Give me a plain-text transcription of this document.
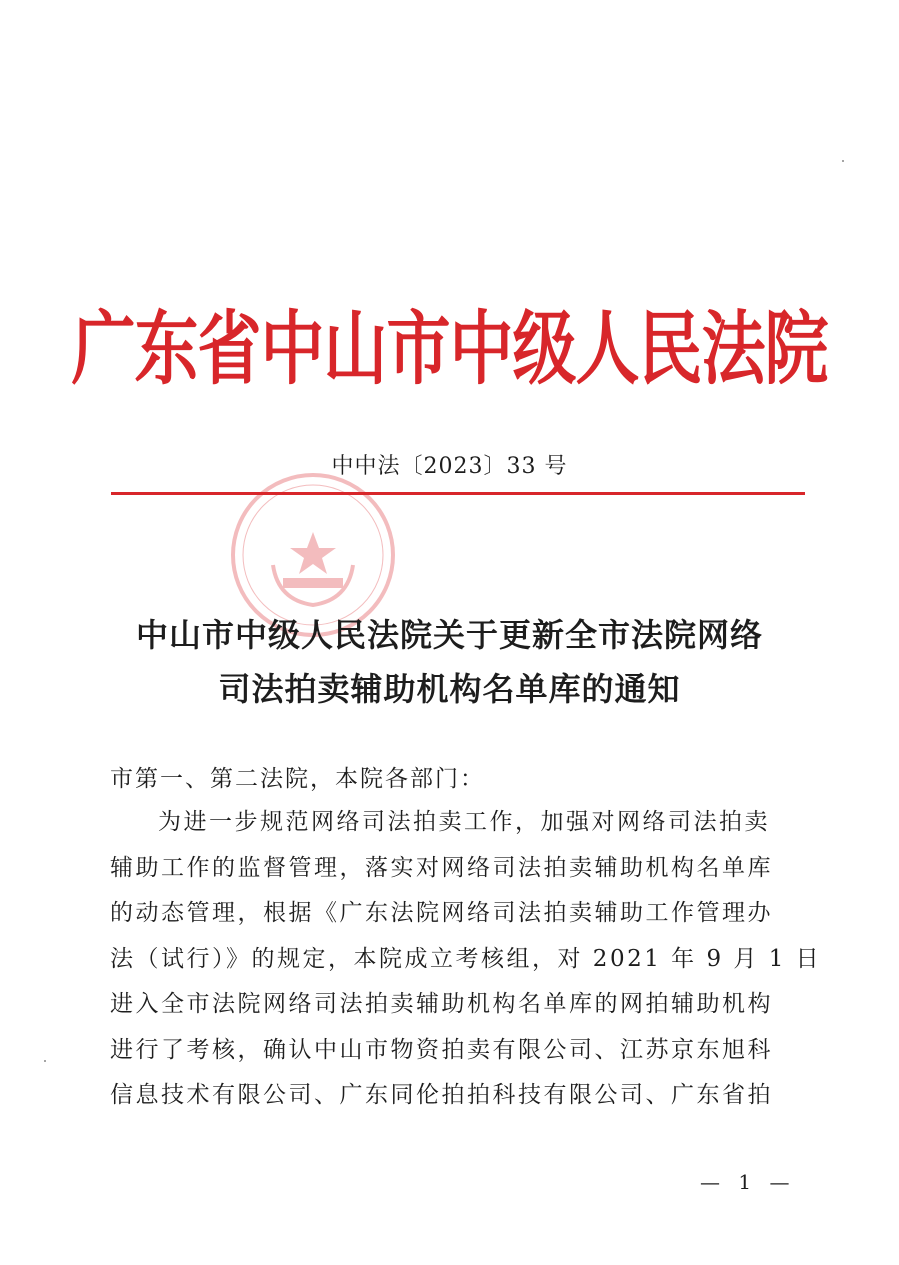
广东省中山市中级人民法院
中中法〔2023〕33 号
中山市中级人民法院关于更新全市法院网络
司法拍卖辅助机构名单库的通知
市第一、第二法院，本院各部门：
为进一步规范网络司法拍卖工作，加强对网络司法拍卖
辅助工作的监督管理，落实对网络司法拍卖辅助机构名单库
的动态管理，根据《广东法院网络司法拍卖辅助工作管理办
法（试行）》的规定，本院成立考核组，对 2021 年 9 月 1 日
进入全市法院网络司法拍卖辅助机构名单库的网拍辅助机构
进行了考核，确认中山市物资拍卖有限公司、江苏京东旭科
信息技术有限公司、广东同伦拍拍科技有限公司、广东省拍
— 1 —
